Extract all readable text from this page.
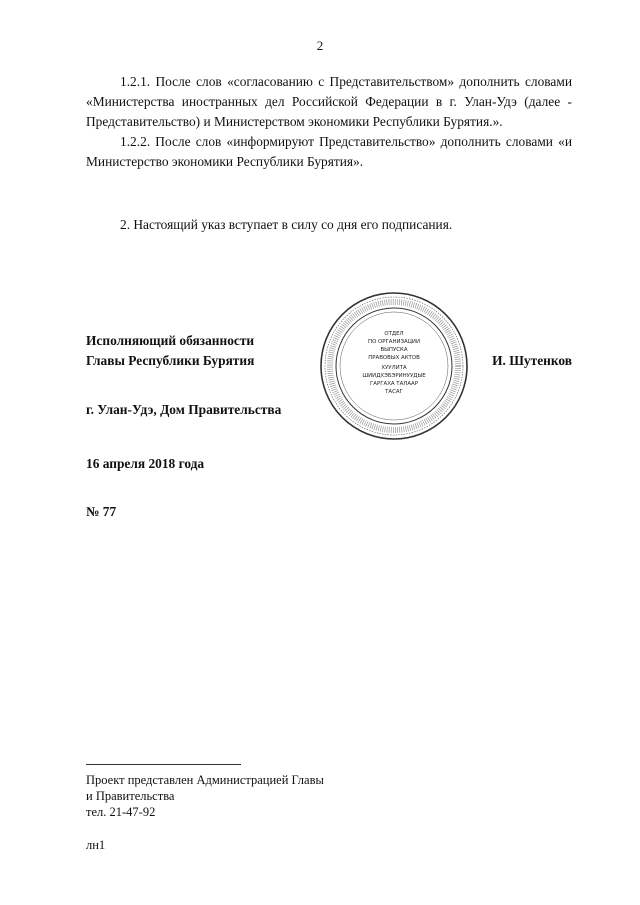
2

1.2.1. После слов «согласованию с Представительством» дополнить словами «Министерства иностранных дел Российской Федерации в г. Улан-Удэ (далее - Представительство) и Министерством экономики Республики Бурятия.».

1.2.2. После слов «информируют Представительство» дополнить словами «и Министерство экономики Республики Бурятия».

2. Настоящий указ вступает в силу со дня его подписания.

Исполняющий обязанности
Главы Республики Бурятия
ОТДЕЛ
ПО ОРГАНИЗАЦИИ
ВЫПУСКА
ПРАВОВЫХ АКТОВ
ХУУЛИТА
ШИИДХЭБЭРИНУУДЫЕ
ГАРГАХА ТАЛААР
ТАСАГ
И. Шутенков
г. Улан-Удэ, Дом Правительства
16 апреля 2018 года
№ 77
Проект представлен Администрацией Главы
и Правительства
тел. 21-47-92
лн1
